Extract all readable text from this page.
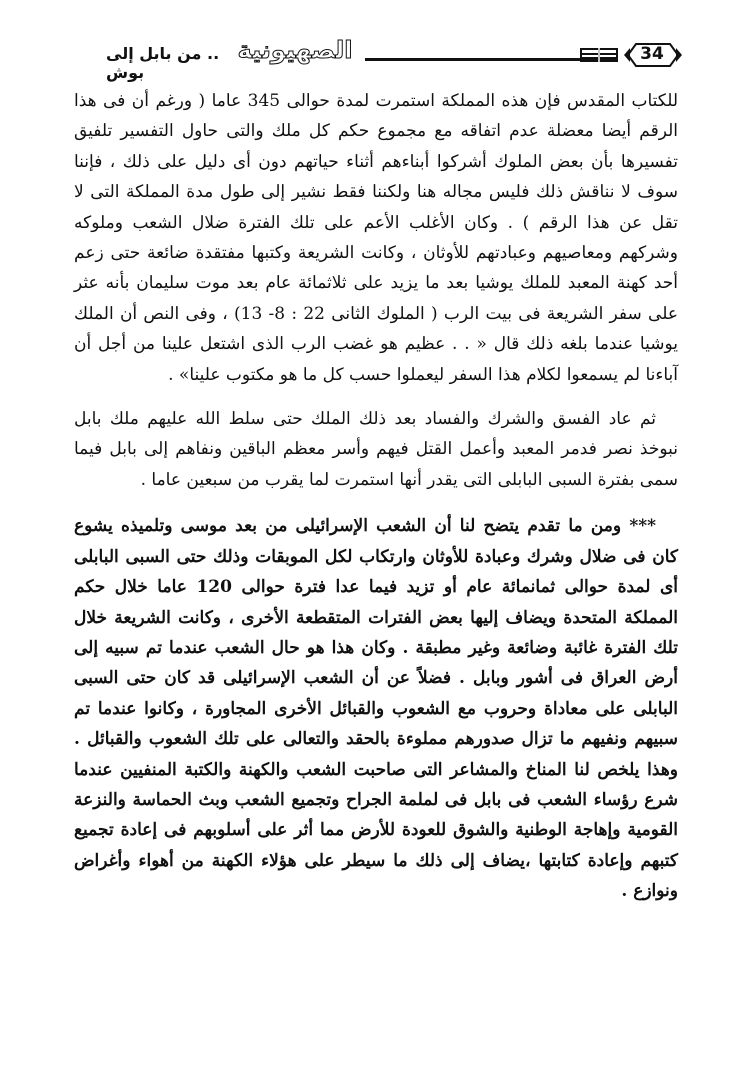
.. من بابل إلى بوش
الصهيونية	34

للكتاب المقدس فإن هذه المملكة استمرت لمدة حوالى 345 عاما ( ورغم أن فى هذا الرقم أيضا معضلة عدم اتفاقه مع مجموع حكم كل ملك والتى حاول التفسير تلفيق تفسيرها بأن بعض الملوك أشركوا أبناءهم أثناء حياتهم دون أى دليل على ذلك ، فإننا سوف لا نناقش ذلك فليس مجاله هنا ولكننا فقط نشير إلى طول مدة المملكة التى لا تقل عن هذا الرقم ) . وكان الأغلب الأعم على تلك الفترة ضلال الشعب وملوكه وشركهم ومعاصيهم وعبادتهم للأوثان ، وكانت الشريعة وكتبها مفتقدة ضائعة حتى زعم أحد كهنة المعبد للملك يوشيا بعد ما يزيد على ثلاثمائة عام بعد موت سليمان بأنه عثر على سفر الشريعة فى بيت الرب ( الملوك الثانى 22 : 8- 13) ، وفى النص أن الملك يوشيا عندما بلغه ذلك قال « . . عظيم هو غضب الرب الذى اشتعل علينا من أجل أن آباءنا لم يسمعوا لكلام هذا السفر ليعملوا حسب كل ما هو مكتوب علينا» .

ثم عاد الفسق والشرك والفساد بعد ذلك الملك حتى سلط الله عليهم ملك بابل نبوخذ نصر فدمر المعبد وأعمل القتل فيهم وأسر معظم الباقين ونفاهم إلى بابل فيما سمى بفترة السبى البابلى التى يقدر أنها استمرت لما يقرب من سبعين عاما .

*** ومن ما تقدم يتضح لنا أن الشعب الإسرائيلى من بعد موسى وتلميذه يشوع كان فى ضلال وشرك وعبادة للأوثان وارتكاب لكل الموبقات وذلك حتى السبى البابلى أى لمدة حوالى ثمانمائة عام أو تزيد فيما عدا فترة حوالى 120 عاما خلال حكم المملكة المتحدة ويضاف إليها بعض الفترات المتقطعة الأخرى ، وكانت الشريعة خلال تلك الفترة غائبة وضائعة وغير مطبقة . وكان هذا هو حال الشعب عندما تم سبيه إلى أرض العراق فى أشور وبابل . فضلاً عن أن الشعب الإسرائيلى قد كان حتى السبى البابلى على معاداة وحروب مع الشعوب والقبائل الأخرى المجاورة ، وكانوا عندما تم سبيهم ونفيهم ما تزال صدورهم مملوءة بالحقد والتعالى على تلك الشعوب والقبائل . وهذا يلخص لنا المناخ والمشاعر التى صاحبت الشعب والكهنة والكتبة المنفيين عندما شرع رؤساء الشعب فى بابل فى لملمة الجراح وتجميع الشعب وبث الحماسة والنزعة القومية وإهاجة الوطنية والشوق للعودة للأرض مما أثر على أسلوبهم فى إعادة تجميع كتبهم وإعادة كتابتها ،يضاف إلى ذلك ما سيطر على هؤلاء الكهنة من أهواء وأغراض ونوازع .
